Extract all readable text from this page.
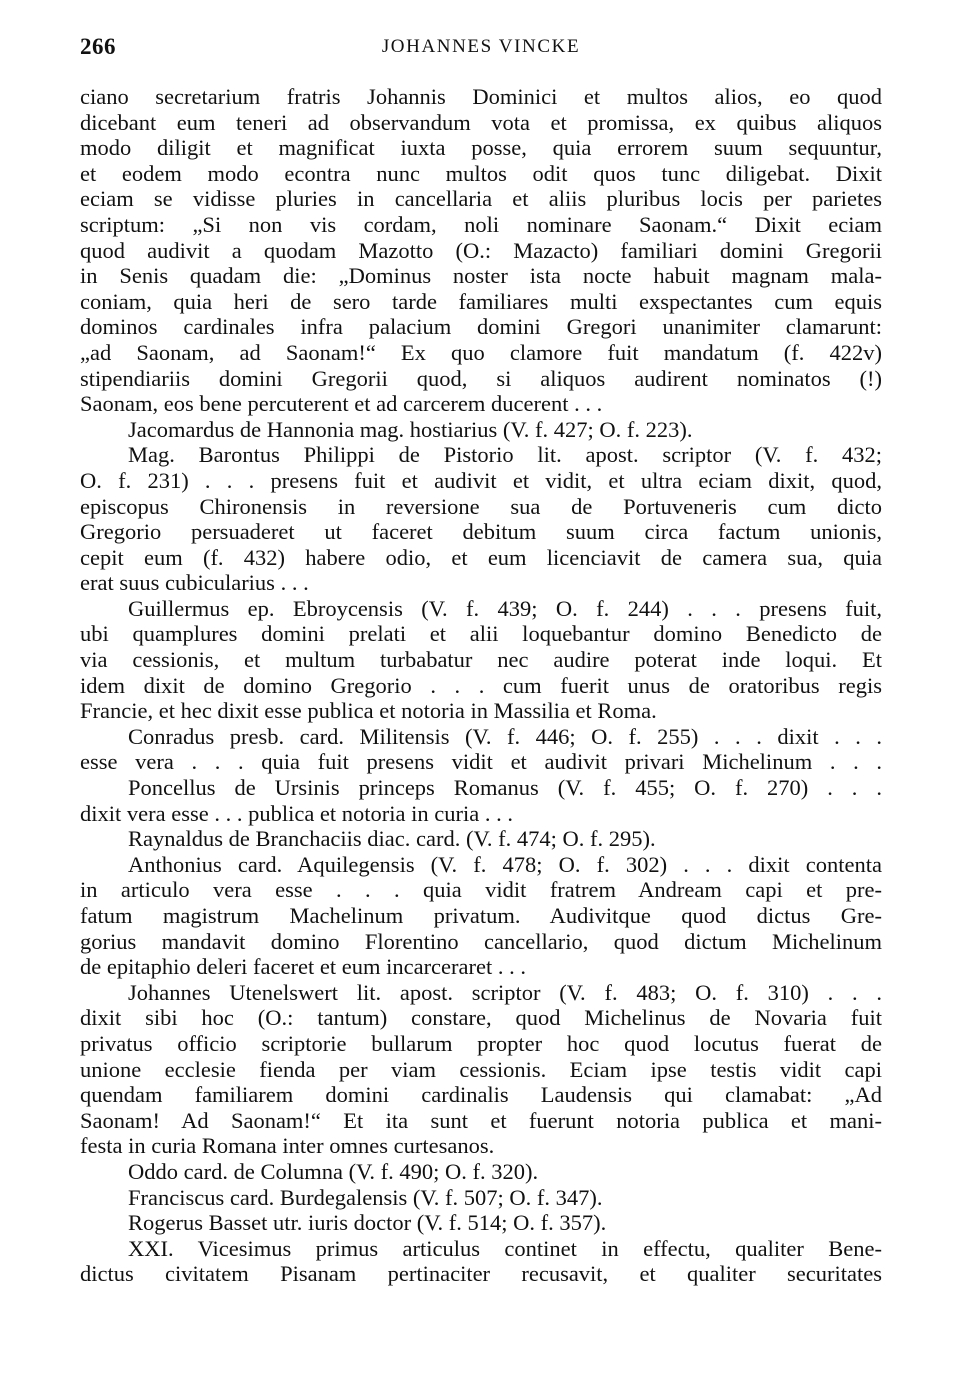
266	JOHANNES VINCKE

ciano secretarium fratris Johannis Dominici et multos alios, eo quod
dicebant eum teneri ad observandum vota et promissa, ex quibus aliquos
modo diligit et magnificat iuxta posse, quia errorem suum sequuntur,
et eodem modo econtra nunc multos odit quos tunc diligebat. Dixit
eciam se vidisse pluries in cancellaria et aliis pluribus locis per parietes
scriptum: „Si non vis cordam, noli nominare Saonam.“ Dixit eciam
quod audivit a quodam Mazotto (O.: Mazacto) familiari domini Gregorii
in Senis quadam die: „Dominus noster ista nocte habuit magnam mala-
coniam, quia heri de sero tarde familiares multi exspectantes cum equis
dominos cardinales infra palacium domini Gregori unanimiter clamarunt:
„ad Saonam, ad Saonam!“ Ex quo clamore fuit mandatum (f. 422v)
stipendiariis domini Gregorii quod, si aliquos audirent nominatos (!)
Saonam, eos bene percuterent et ad carcerem ducerent . . .

Jacomardus de Hannonia mag. hostiarius (V. f. 427; O. f. 223).

Mag. Barontus Philippi de Pistorio lit. apost. scriptor (V. f. 432;
O. f. 231) . . . presens fuit et audivit et vidit, et ultra eciam dixit, quod,
episcopus Chironensis in reversione sua de Portuveneris cum dicto
Gregorio persuaderet ut faceret debitum suum circa factum unionis,
cepit eum (f. 432) habere odio, et eum licenciavit de camera sua, quia
erat suus cubicularius . . .

Guillermus ep. Ebroycensis (V. f. 439; O. f. 244) . . . presens fuit,
ubi quamplures domini prelati et alii loquebantur domino Benedicto de
via cessionis, et multum turbabatur nec audire poterat inde loqui. Et
idem dixit de domino Gregorio . . . cum fuerit unus de oratoribus regis
Francie, et hec dixit esse publica et notoria in Massilia et Roma.

Conradus presb. card. Militensis (V. f. 446; O. f. 255) . . . dixit . . .
esse vera . . . quia fuit presens vidit et audivit privari Michelinum . . .

Poncellus de Ursinis princeps Romanus (V. f. 455; O. f. 270) . . .
dixit vera esse . . . publica et notoria in curia . . .

Raynaldus de Branchaciis diac. card. (V. f. 474; O. f. 295).

Anthonius card. Aquilegensis (V. f. 478; O. f. 302) . . . dixit contenta
in articulo vera esse . . . quia vidit fratrem Andream capi et pre-
fatum magistrum Machelinum privatum. Audivitque quod dictus Gre-
gorius mandavit domino Florentino cancellario, quod dictum Michelinum
de epitaphio deleri faceret et eum incarceraret . . .

Johannes Utenelswert lit. apost. scriptor (V. f. 483; O. f. 310) . . .
dixit sibi hoc (O.: tantum) constare, quod Michelinus de Novaria fuit
privatus officio scriptorie bullarum propter hoc quod locutus fuerat de
unione ecclesie fienda per viam cessionis. Eciam ipse testis vidit capi
quendam familiarem domini cardinalis Laudensis qui clamabat: „Ad
Saonam! Ad Saonam!“ Et ita sunt et fuerunt notoria publica et mani-
festa in curia Romana inter omnes curtesanos.

Oddo card. de Columna (V. f. 490; O. f. 320).

Franciscus card. Burdegalensis (V. f. 507; O. f. 347).

Rogerus Basset utr. iuris doctor (V. f. 514; O. f. 357).

XXI. Vicesimus primus articulus continet in effectu, qualiter Bene-
dictus civitatem Pisanam pertinaciter recusavit, et qualiter securitates
